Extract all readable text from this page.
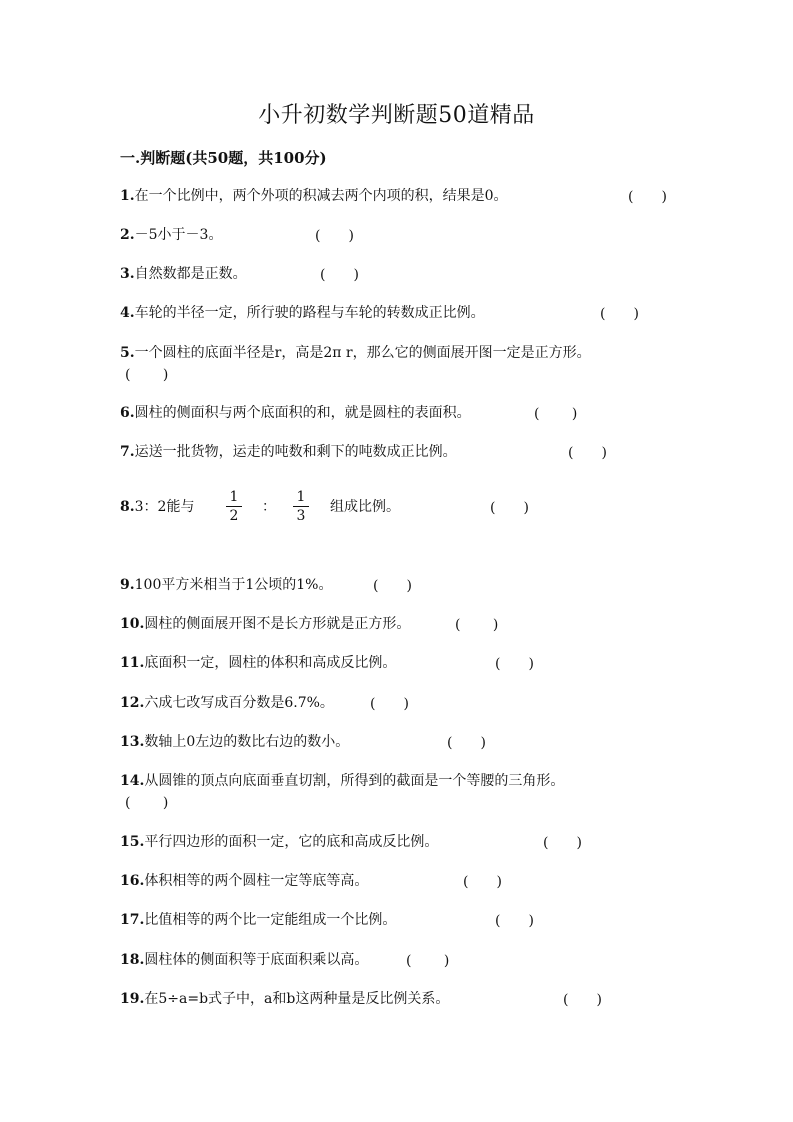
小升初数学判断题50道精品
一.判断题(共50题，共100分)
1.在一个比例中，两个外项的积减去两个内项的积，结果是0。	(　　)
2.－5小于－3。	(　　)
3.自然数都是正数。	(　　)
4.车轮的半径一定，所行驶的路程与车轮的转数成正比例。	(　　)
5.一个圆柱的底面半径是r，高是2π r，那么它的侧面展开图一定是正方形。
(　　 )
6.圆柱的侧面积与两个底面积的和，就是圆柱的表面积。	(　　 )
7.运送一批货物，运走的吨数和剩下的吨数成正比例。	(　　)
8.3：2能与
1
2
：
1
3
组成比例。	(　　)
9.100平方米相当于1公顷的1%。	(　　)
10.圆柱的侧面展开图不是长方形就是正方形。	(　　 )
11.底面积一定，圆柱的体积和高成反比例。	(　　)
12.六成七改写成百分数是6.7%。	(　　)
13.数轴上0左边的数比右边的数小。	(　　)
14.从圆锥的顶点向底面垂直切割，所得到的截面是一个等腰的三角形。
(　　 )
15.平行四边形的面积一定，它的底和高成反比例。	(　　)
16.体积相等的两个圆柱一定等底等高。	(　　)
17.比值相等的两个比一定能组成一个比例。	(　　)
18.圆柱体的侧面积等于底面积乘以高。	(　　 )
19.在5÷a=b式子中，a和b这两种量是反比例关系。	(　　)
